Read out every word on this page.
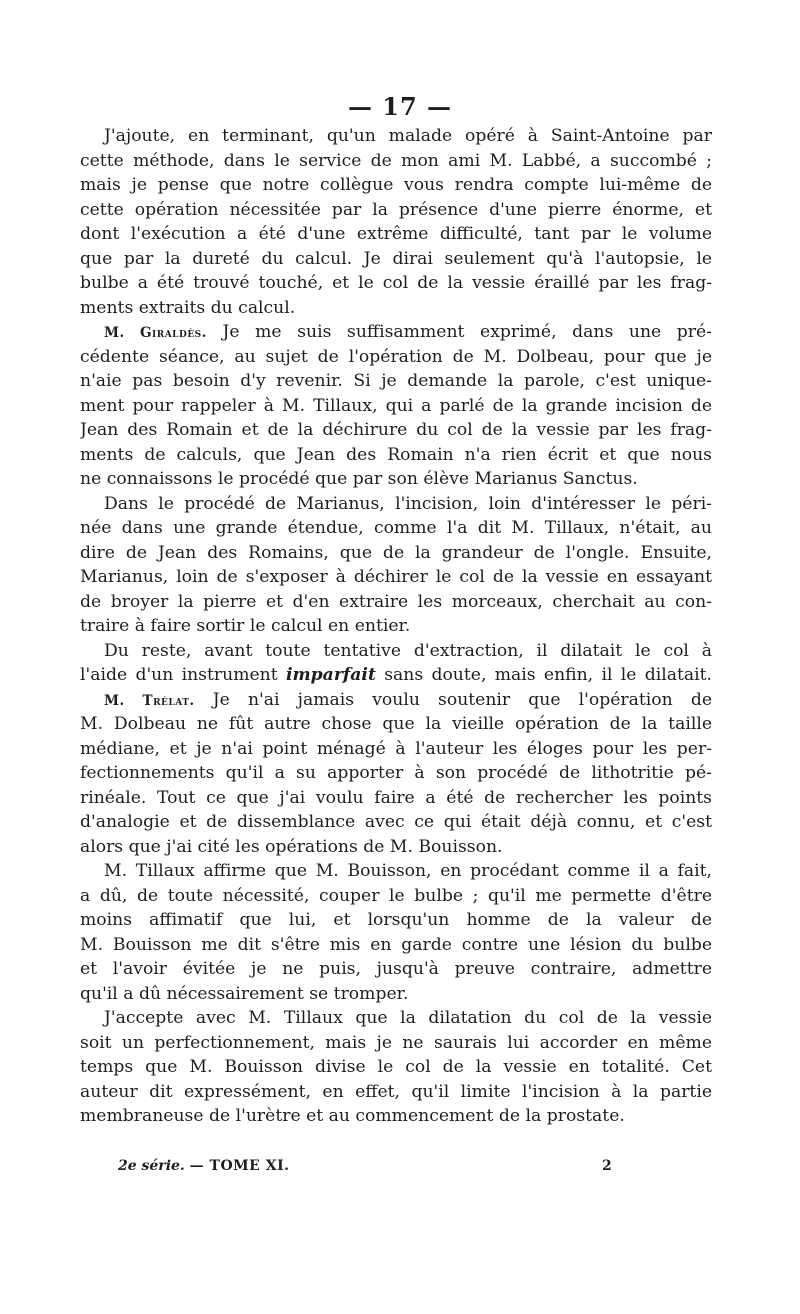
— 17 —
J'ajoute, en terminant, qu'un malade opéré à Saint-Antoine par
cette méthode, dans le service de mon ami M. Labbé, a succombé ;
mais je pense que notre collègue vous rendra compte lui-même de
cette opération nécessitée par la présence d'une pierre énorme, et
dont l'exécution a été d'une extrême difficulté, tant par le volume
que par la dureté du calcul. Je dirai seulement qu'à l'autopsie, le
bulbe a été trouvé touché, et le col de la vessie éraillé par les frag-
ments extraits du calcul.
M. Giraldès. Je me suis suffisamment exprimé, dans une pré-
cédente séance, au sujet de l'opération de M. Dolbeau, pour que je
n'aie pas besoin d'y revenir. Si je demande la parole, c'est unique-
ment pour rappeler à M. Tillaux, qui a parlé de la grande incision de
Jean des Romain et de la déchirure du col de la vessie par les frag-
ments de calculs, que Jean des Romain n'a rien écrit et que nous
ne connaissons le procédé que par son élève Marianus Sanctus.
Dans le procédé de Marianus, l'incision, loin d'intéresser le péri-
née dans une grande étendue, comme l'a dit M. Tillaux, n'était, au
dire de Jean des Romains, que de la grandeur de l'ongle. Ensuite,
Marianus, loin de s'exposer à déchirer le col de la vessie en essayant
de broyer la pierre et d'en extraire les morceaux, cherchait au con-
traire à faire sortir le calcul en entier.
Du reste, avant toute tentative d'extraction, il dilatait le col à
l'aide d'un instrument imparfait sans doute, mais enfin, il le dilatait.
M. Trélat. Je n'ai jamais voulu soutenir que l'opération de
M. Dolbeau ne fût autre chose que la vieille opération de la taille
médiane, et je n'ai point ménagé à l'auteur les éloges pour les per-
fectionnements qu'il a su apporter à son procédé de lithotritie pé-
rinéale. Tout ce que j'ai voulu faire a été de rechercher les points
d'analogie et de dissemblance avec ce qui était déjà connu, et c'est
alors que j'ai cité les opérations de M. Bouisson.
M. Tillaux affirme que M. Bouisson, en procédant comme il a fait,
a dû, de toute nécessité, couper le bulbe ; qu'il me permette d'être
moins affimatif que lui, et lorsqu'un homme de la valeur de
M. Bouisson me dit s'être mis en garde contre une lésion du bulbe
et l'avoir évitée je ne puis, jusqu'à preuve contraire, admettre
qu'il a dû nécessairement se tromper.
J'accepte avec M. Tillaux que la dilatation du col de la vessie
soit un perfectionnement, mais je ne saurais lui accorder en même
temps que M. Bouisson divise le col de la vessie en totalité. Cet
auteur dit expressément, en effet, qu'il limite l'incision à la partie
membraneuse de l'urètre et au commencement de la prostate.
2e série. — TOME XI.	2
